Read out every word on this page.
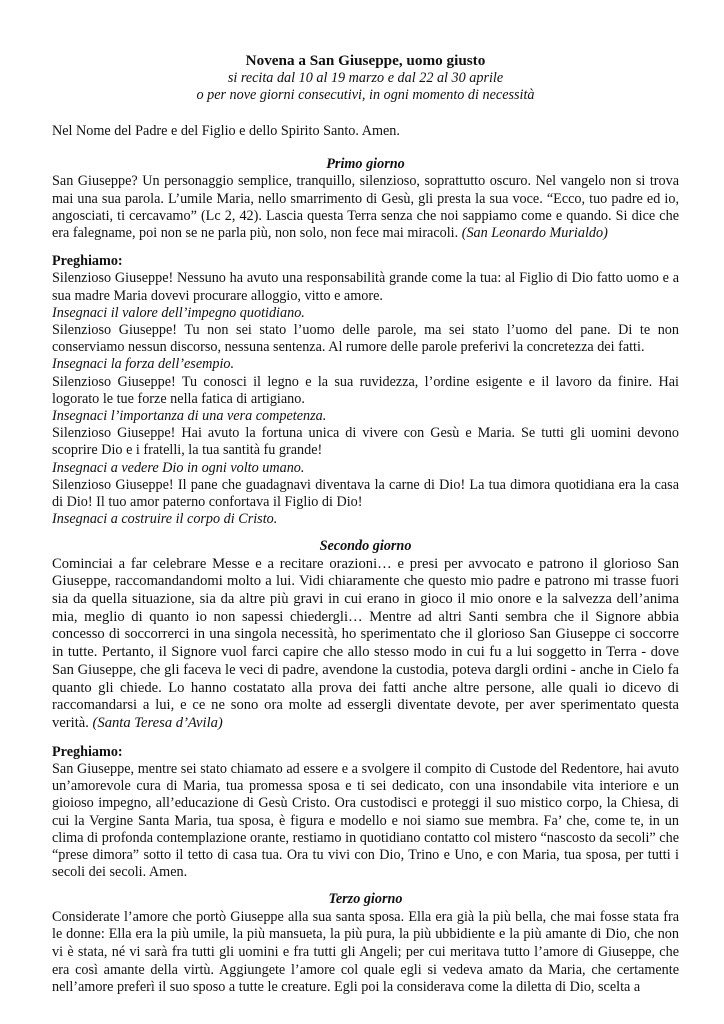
Novena a San Giuseppe, uomo giusto
si recita dal 10 al 19 marzo e dal 22 al 30 aprile
o per nove giorni consecutivi, in ogni momento di necessità

Nel Nome del Padre e del Figlio e dello Spirito Santo. Amen.

Primo giorno

San Giuseppe? Un personaggio semplice, tranquillo, silenzioso, soprattutto oscuro. Nel vangelo non si trova mai una sua parola. L’umile Maria, nello smarrimento di Gesù, gli presta la sua voce. “Ecco, tuo padre ed io, angosciati, ti cercavamo” (Lc 2, 42). Lascia questa Terra senza che noi sappiamo come e quando. Si dice che era falegname, poi non se ne parla più, non solo, non fece mai miracoli. (San Leonardo Murialdo)

Preghiamo:

Silenzioso Giuseppe! Nessuno ha avuto una responsabilità grande come la tua: al Figlio di Dio fatto uomo e a sua madre Maria dovevi procurare alloggio, vitto e amore.

Insegnaci il valore dell’impegno quotidiano.

Silenzioso Giuseppe! Tu non sei stato l’uomo delle parole, ma sei stato l’uomo del pane. Di te non conserviamo nessun discorso, nessuna sentenza. Al rumore delle parole preferivi la concretezza dei fatti.

Insegnaci la forza dell’esempio.

Silenzioso Giuseppe! Tu conosci il legno e la sua ruvidezza, l’ordine esigente e il lavoro da finire. Hai logorato le tue forze nella fatica di artigiano.

Insegnaci l’importanza di una vera competenza.

Silenzioso Giuseppe! Hai avuto la fortuna unica di vivere con Gesù e Maria. Se tutti gli uomini devono scoprire Dio e i fratelli, la tua santità fu grande!

Insegnaci a vedere Dio in ogni volto umano.

Silenzioso Giuseppe! Il pane che guadagnavi diventava la carne di Dio! La tua dimora quotidiana era la casa di Dio! Il tuo amor paterno confortava il Figlio di Dio!

Insegnaci a costruire il corpo di Cristo.

Secondo giorno

Cominciai a far celebrare Messe e a recitare orazioni… e presi per avvocato e patrono il glorioso San Giuseppe, raccomandandomi molto a lui. Vidi chiaramente che questo mio padre e patrono mi trasse fuori sia da quella situazione, sia da altre più gravi in cui erano in gioco il mio onore e la salvezza dell’anima mia, meglio di quanto io non sapessi chiedergli… Mentre ad altri Santi sembra che il Signore abbia concesso di soccorrerci in una singola necessità, ho sperimentato che il glorioso San Giuseppe ci soccorre in tutte. Pertanto, il Signore vuol farci capire che allo stesso modo in cui fu a lui soggetto in Terra - dove San Giuseppe, che gli faceva le veci di padre, avendone la custodia, poteva dargli ordini - anche in Cielo fa quanto gli chiede. Lo hanno costatato alla prova dei fatti anche altre persone, alle quali io dicevo di raccomandarsi a lui, e ce ne sono ora molte ad essergli diventate devote, per aver sperimentato questa verità. (Santa Teresa d’Avila)

Preghiamo:

San Giuseppe, mentre sei stato chiamato ad essere e a svolgere il compito di Custode del Redentore, hai avuto un’amorevole cura di Maria, tua promessa sposa e ti sei dedicato, con una insondabile vita interiore e un gioioso impegno, all’educazione di Gesù Cristo. Ora custodisci e proteggi il suo mistico corpo, la Chiesa, di cui la Vergine Santa Maria, tua sposa, è figura e modello e noi siamo sue membra. Fa’ che, come te, in un clima di profonda contemplazione orante, restiamo in quotidiano contatto col mistero “nascosto da secoli” che “prese dimora” sotto il tetto di casa tua. Ora tu vivi con Dio, Trino e Uno, e con Maria, tua sposa, per tutti i secoli dei secoli. Amen.

Terzo giorno

Considerate l’amore che portò Giuseppe alla sua santa sposa. Ella era già la più bella, che mai fosse stata fra le donne: Ella era la più umile, la più mansueta, la più pura, la più ubbidiente e la più amante di Dio, che non vi è stata, né vi sarà fra tutti gli uomini e fra tutti gli Angeli; per cui meritava tutto l’amore di Giuseppe, che era così amante della virtù. Aggiungete l’amore col quale egli si vedeva amato da Maria, che certamente nell’amore preferì il suo sposo a tutte le creature. Egli poi la considerava come la diletta di Dio, scelta a
